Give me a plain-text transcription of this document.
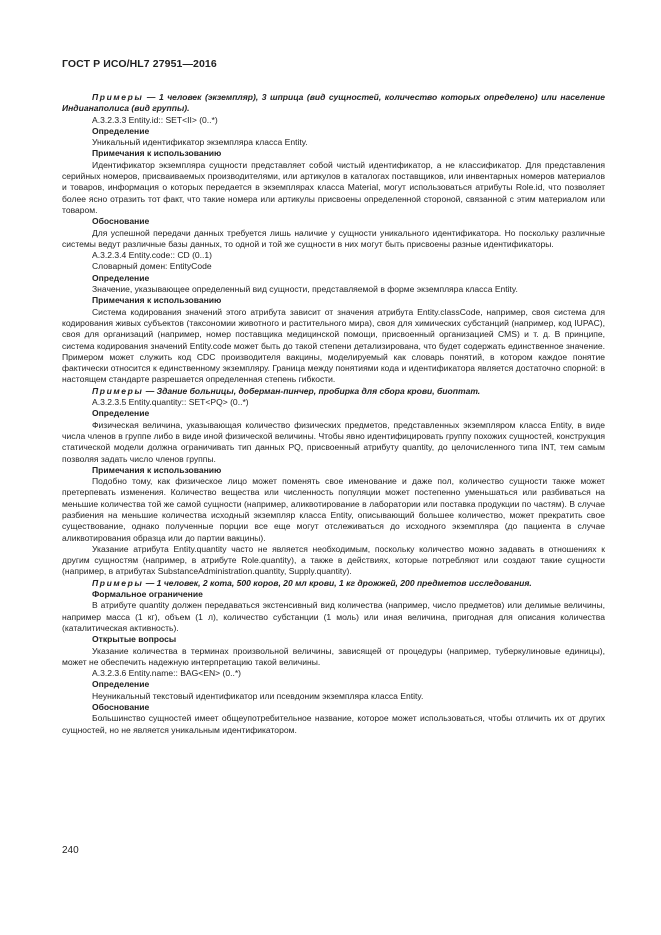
ГОСТ Р ИСО/HL7 27951—2016

Примеры — 1 человек (экземпляр), 3 шприца (вид сущностей, количество которых определено) или население Индианаполиса (вид группы).

A.3.2.3.3 Entity.id:: SET<II> (0..*)

Определение

Уникальный идентификатор экземпляра класса Entity.

Примечания к использованию

Идентификатор экземпляра сущности представляет собой чистый идентификатор, а не классификатор. Для представления серийных номеров, присваиваемых производителями, или артикулов в каталогах поставщиков, или инвентарных номеров материалов и товаров, информация о которых передается в экземплярах класса Material, могут использоваться атрибуты Role.id, что позволяет более ясно отразить тот факт, что такие номера или артикулы присвоены определенной стороной, связанной с этим материалом или товаром.

Обоснование

Для успешной передачи данных требуется лишь наличие у сущности уникального идентификатора. Но поскольку различные системы ведут различные базы данных, то одной и той же сущности в них могут быть присвоены разные идентификаторы.

A.3.2.3.4 Entity.code:: CD (0..1)

Словарный домен: EntityCode

Определение

Значение, указывающее определенный вид сущности, представляемой в форме экземпляра класса Entity.

Примечания к использованию

Система кодирования значений этого атрибута зависит от значения атрибута Entity.classCode, например, своя система для кодирования живых субъектов (таксономии животного и растительного мира), своя для химических субстанций (например, код IUPAC), своя для организаций (например, номер поставщика медицинской помощи, присвоенный организацией CMS) и т. д. В принципе, система кодирования значений Entity.code может быть до такой степени детализирована, что будет содержать единственное значение. Примером может служить код CDC производителя вакцины, моделируемый как словарь понятий, в котором каждое понятие фактически относится к единственному экземпляру. Граница между понятиями кода и идентификатора является достаточно спорной: в настоящем стандарте разрешается определенная степень гибкости.

Примеры — Здание больницы, доберман-пинчер, пробирка для сбора крови, биоптат.

A.3.2.3.5 Entity.quantity:: SET<PQ> (0..*)

Определение

Физическая величина, указывающая количество физических предметов, представленных экземпляром класса Entity, в виде числа членов в группе либо в виде иной физической величины. Чтобы явно идентифицировать группу похожих сущностей, конструкция статической модели должна ограничивать тип данных PQ, присвоенный атрибуту quantity, до целочисленного типа INT, тем самым позволяя задать число членов группы.

Примечания к использованию

Подобно тому, как физическое лицо может поменять свое именование и даже пол, количество сущности также может претерпевать изменения. Количество вещества или численность популяции может постепенно уменьшаться или разбиваться на меньшие количества той же самой сущности (например, аликвотирование в лаборатории или поставка продукции по частям). В случае разбиения на меньшие количества исходный экземпляр класса Entity, описывающий большее количество, может прекратить свое существование, однако полученные порции все еще могут отслеживаться до исходного экземпляра (до пациента в случае аликвотирования образца или до партии вакцины).

Указание атрибута Entity.quantity часто не является необходимым, поскольку количество можно задавать в отношениях к другим сущностям (например, в атрибуте Role.quantity), а также в действиях, которые потребляют или создают такие сущности (например, в атрибутах SubstanceAdministration.quantity, Supply.quantity).

Примеры — 1 человек, 2 кота, 500 коров, 20 мл крови, 1 кг дрожжей, 200 предметов исследования.

Формальное ограничение

В атрибуте quantity должен передаваться экстенсивный вид количества (например, число предметов) или делимые величины, например масса (1 кг), объем (1 л), количество субстанции (1 моль) или иная величина, пригодная для описания количества (каталитическая активность).

Открытые вопросы

Указание количества в терминах произвольной величины, зависящей от процедуры (например, туберкулиновые единицы), может не обеспечить надежную интерпретацию такой величины.

A.3.2.3.6 Entity.name:: BAG<EN> (0..*)

Определение

Неуникальный текстовый идентификатор или псевдоним экземпляра класса Entity.

Обоснование

Большинство сущностей имеет общеупотребительное название, которое может использоваться, чтобы отличить их от других сущностей, но не является уникальным идентификатором.

240
